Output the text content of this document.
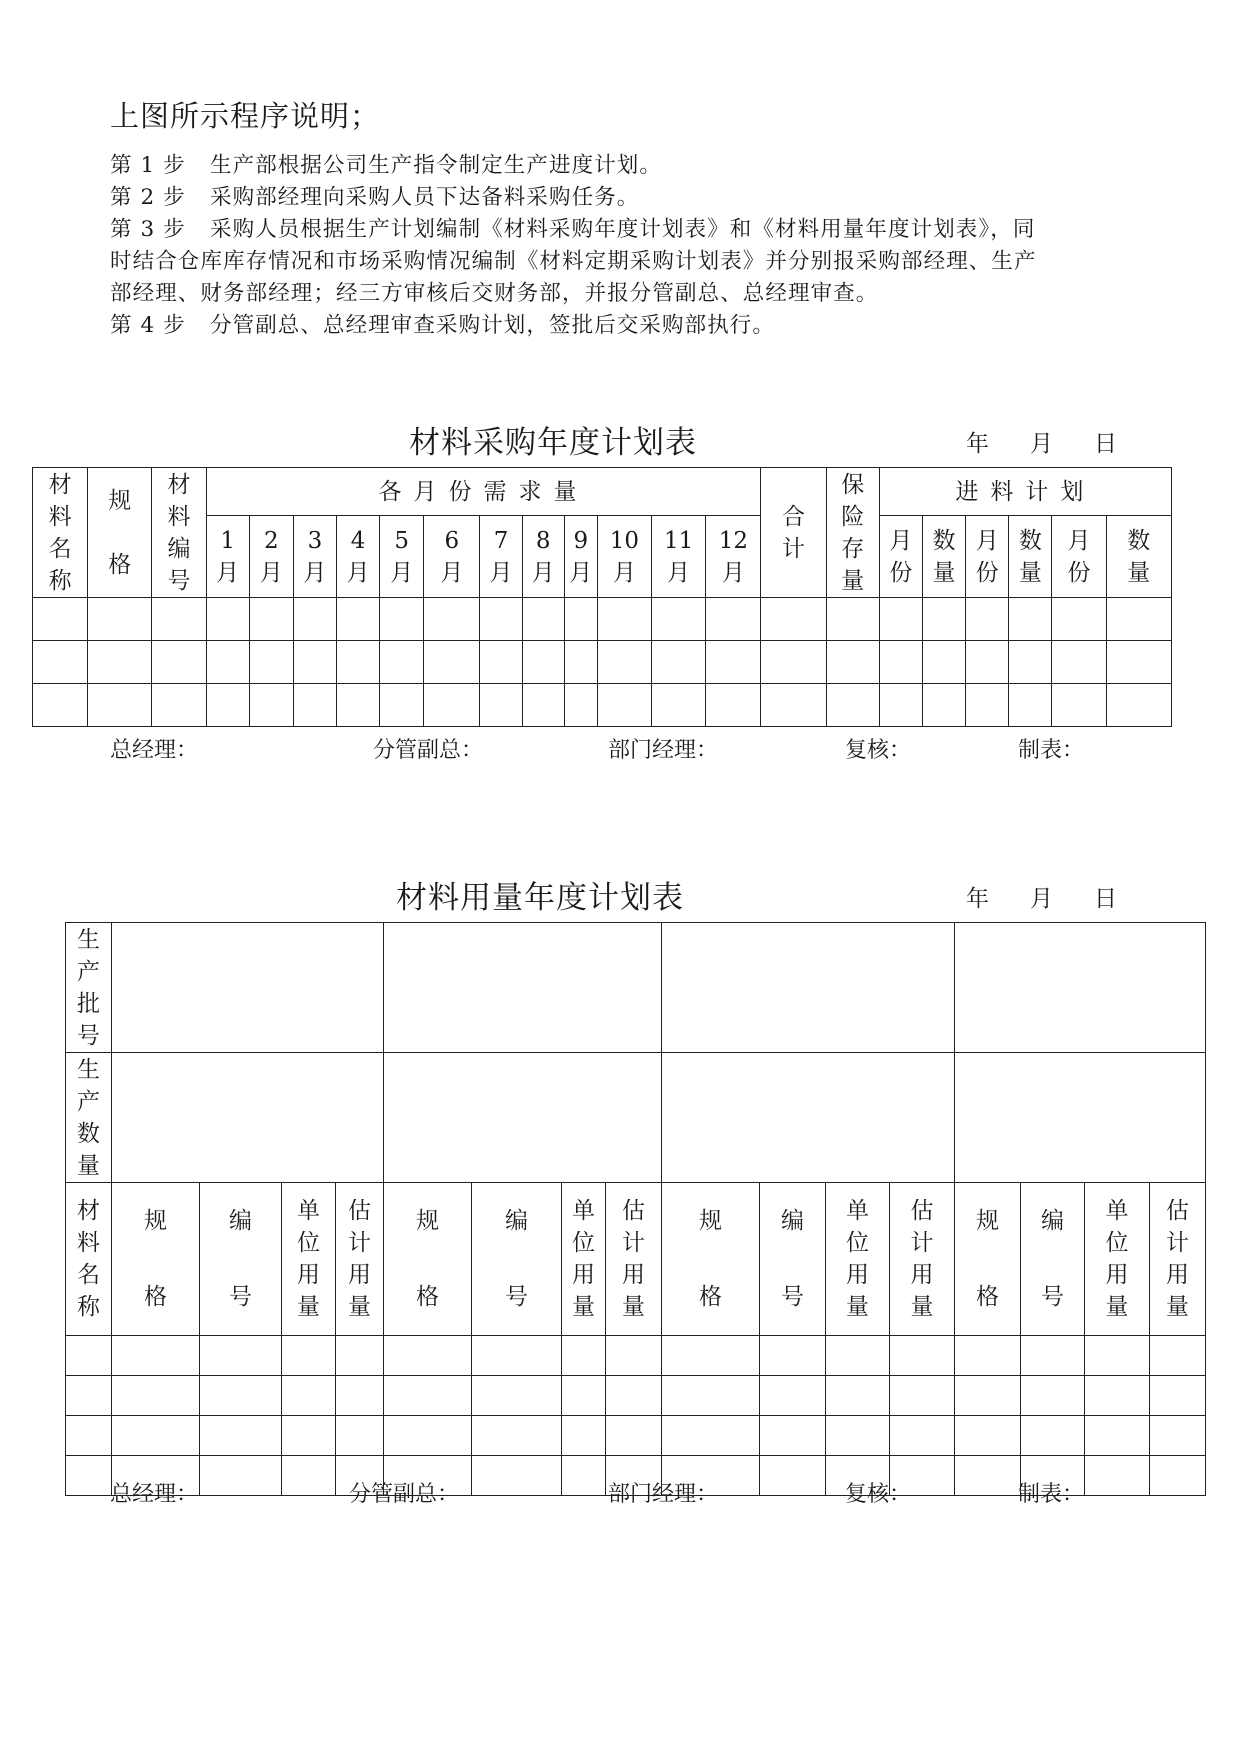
上图所示程序说明；
第 1 步 生产部根据公司生产指令制定生产进度计划。
第 2 步 采购部经理向采购人员下达备料采购任务。
第 3 步 采购人员根据生产计划编制《材料采购年度计划表》和《材料用量年度计划表》，同
时结合仓库库存情况和市场采购情况编制《材料定期采购计划表》并分别报采购部经理、生产
部经理、财务部经理；经三方审核后交财务部，并报分管副总、总经理审查。
第 4 步 分管副总、总经理审查采购计划，签批后交采购部执行。
材料采购年度计划表	年 月 日
材料名称	规格	材料编号	各月份需求量												合计	保险存量	进料计划					
			1月	2月	3月	4月	5月	6月	7月	8月	9月	10月	11月	12月			月份	数量	月份	数量	月份	数量

总经理：	分管副总：	部门经理：	复核：	制表：
材料用量年度计划表	年 月 日
生产批号																
生产数量																
材料名称	规格	编号	单位用量	估计用量	规格	编号	单位用量	估计用量	规格	编号	单位用量	估计用量	规格	编号	单位用量	估计用量

总经理：	分管副总：	部门经理：	复核：	制表：
